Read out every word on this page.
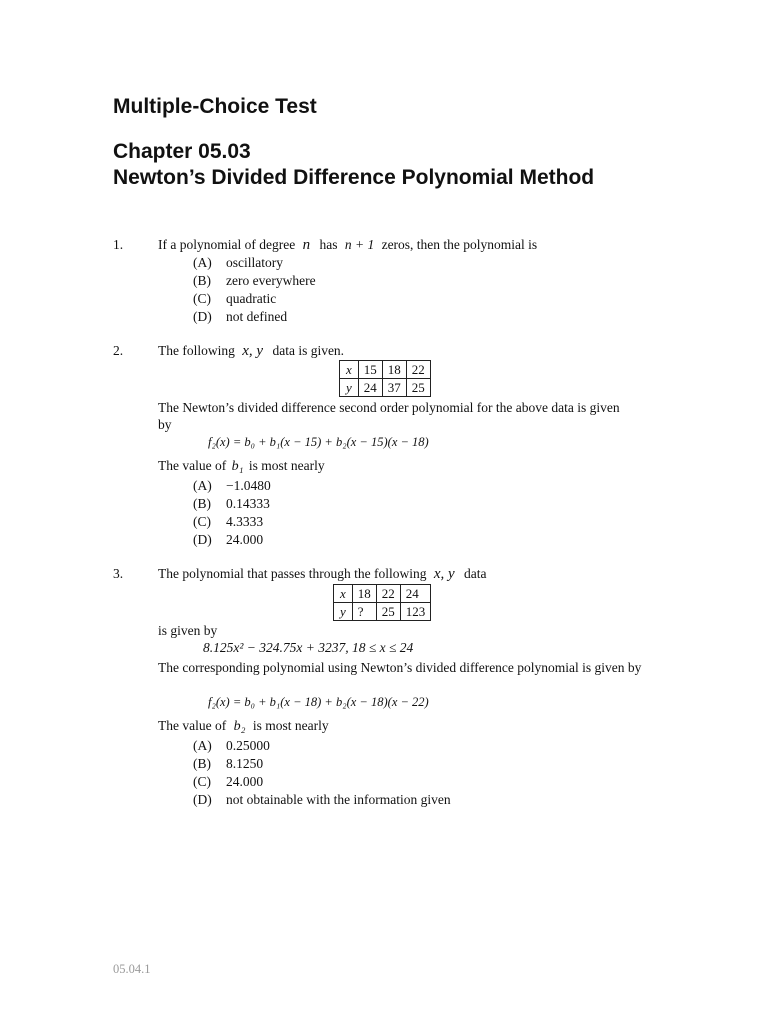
Multiple-Choice Test
Chapter 05.03
Newton’s Divided Difference Polynomial Method
1.	If a polynomial of degree n has n + 1 zeros, then the polynomial is
(A) oscillatory
(B) zero everywhere
(C) quadratic
(D) not defined
2.	The following x, y data is given.
x	15	18	22
y	24	37	25
The Newton’s divided difference second order polynomial for the above data is given
by
f₂(x) = b₀ + b₁(x − 15) + b₂(x − 15)(x − 18)
The value of b₁ is most nearly
(A) −1.0480
(B) 0.14333
(C) 4.3333
(D) 24.000
3.	The polynomial that passes through the following x, y data
x	18	22	24
y	?	25	123
is given by
8.125x² − 324.75x + 3237, 18 ≤ x ≤ 24
The corresponding polynomial using Newton’s divided difference polynomial is given by
f₂(x) = b₀ + b₁(x − 18) + b₂(x − 18)(x − 22)
The value of b₂ is most nearly
(A) 0.25000
(B) 8.1250
(C) 24.000
(D) not obtainable with the information given
05.04.1
